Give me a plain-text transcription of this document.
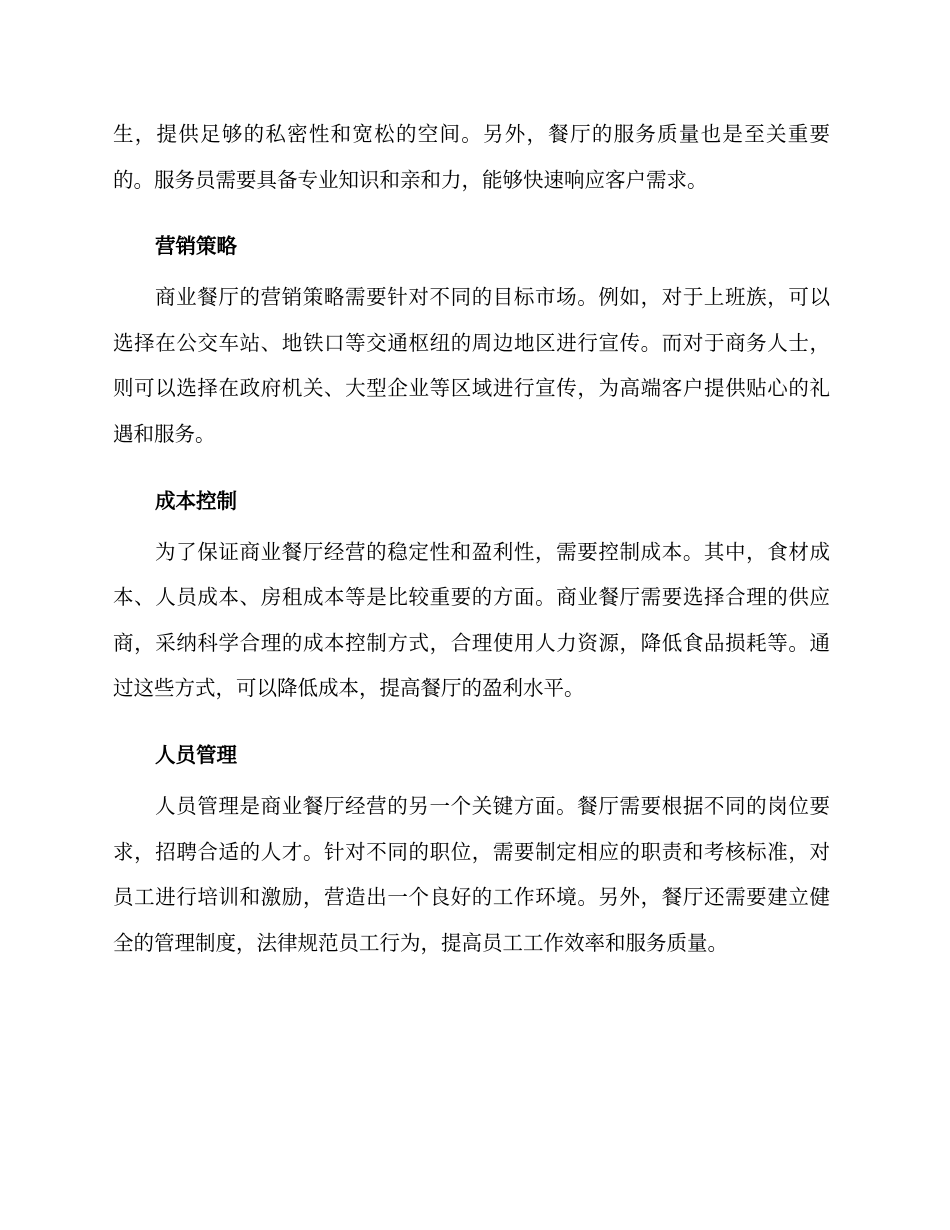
生，提供足够的私密性和宽松的空间。另外，餐厅的服务质量也是至关重要的。服务员需要具备专业知识和亲和力，能够快速响应客户需求。

营销策略

商业餐厅的营销策略需要针对不同的目标市场。例如，对于上班族，可以选择在公交车站、地铁口等交通枢纽的周边地区进行宣传。而对于商务人士，则可以选择在政府机关、大型企业等区域进行宣传，为高端客户提供贴心的礼遇和服务。

成本控制

为了保证商业餐厅经营的稳定性和盈利性，需要控制成本。其中，食材成本、人员成本、房租成本等是比较重要的方面。商业餐厅需要选择合理的供应商，采纳科学合理的成本控制方式，合理使用人力资源，降低食品损耗等。通过这些方式，可以降低成本，提高餐厅的盈利水平。

人员管理

人员管理是商业餐厅经营的另一个关键方面。餐厅需要根据不同的岗位要求，招聘合适的人才。针对不同的职位，需要制定相应的职责和考核标准，对员工进行培训和激励，营造出一个良好的工作环境。另外，餐厅还需要建立健全的管理制度，法律规范员工行为，提高员工工作效率和服务质量。
